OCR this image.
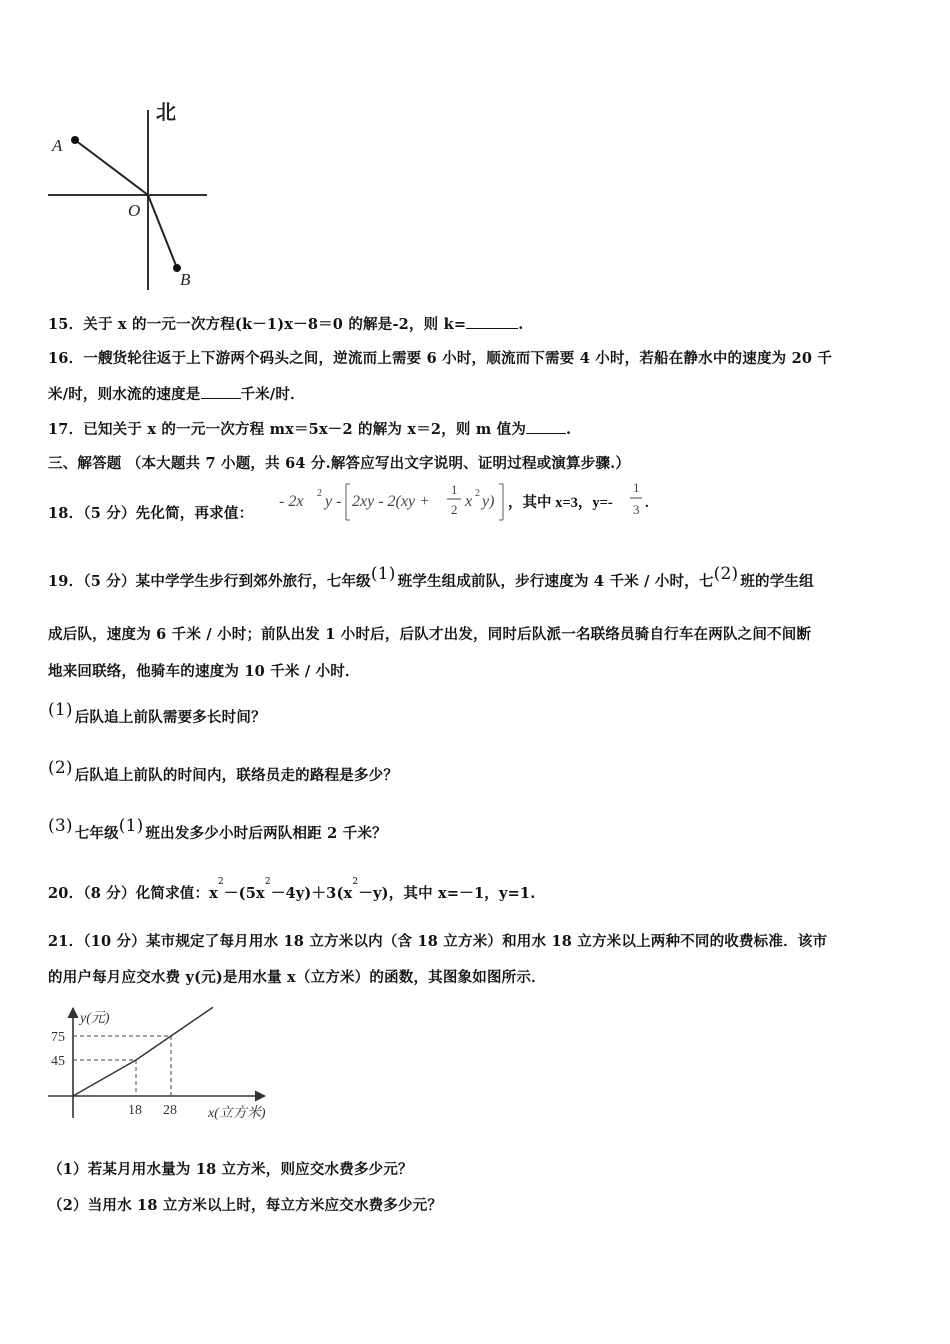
北
A
O
B
15．关于 x 的一元一次方程(k－1)x－8＝0 的解是-2，则 k=	.
16．一艘货轮往返于上下游两个码头之间，逆流而上需要 6 小时，顺流而下需要 4 小时，若船在静水中的速度为 20 千
米/时，则水流的速度是	千米/时．
17．已知关于 x 的一元一次方程 mx＝5x－2 的解为 x＝2，则 m 值为	.
三、解答题 （本大题共 7 小题，共 64 分.解答应写出文字说明、证明过程或演算步骤.）
18．（5 分）先化简，再求值：
- 2x 2 y - 2xy - 2(xy +
1
2 x 2 y) ，其中 x=3，y=-
1
3 .
19．（5 分）某中学学生步行到郊外旅行，七年级(1) 班学生组成前队，步行速度为 4 千米 / 小时，七(2) 班的学生组
成后队，速度为 6 千米 / 小时；前队出发 1 小时后，后队才出发，同时后队派一名联络员骑自行车在两队之间不间断
地来回联络，他骑车的速度为 10 千米 / 小时．
(1) 后队追上前队需要多长时间？
(2) 后队追上前队的时间内，联络员走的路程是多少？
(3) 七年级(1) 班出发多少小时后两队相距 2 千米？
20．（8 分）化简求值：$x^2-(5x^2-4y)+3(x^2-y)$，其中 x=－1，y=1.
21．（10 分）某市规定了每月用水 18 立方米以内（含 18 立方米）和用水 18 立方米以上两种不同的收费标准．该市
的用户每月应交水费 y(元)是用水量 x（立方米）的函数，其图象如图所示．
y(元)
x(立方米)
18 28
45
75
（1）若某月用水量为 18 立方米，则应交水费多少元？
（2）当用水 18 立方米以上时，每立方米应交水费多少元？
